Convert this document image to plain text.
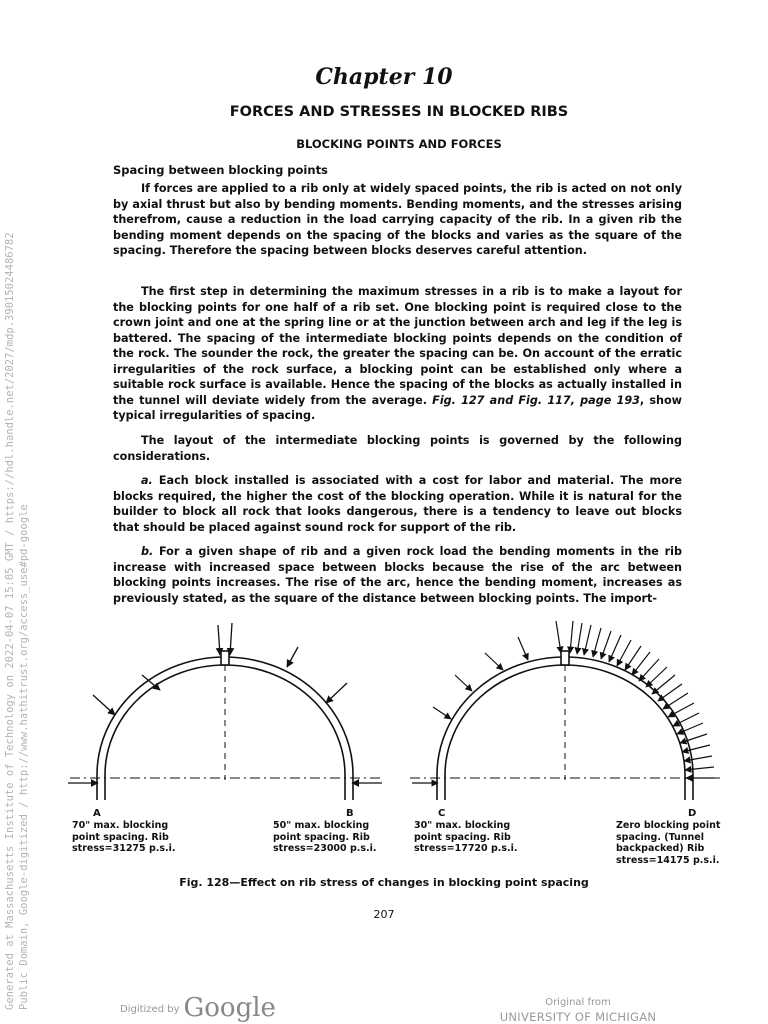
Generated at Massachusetts Institute of Technology on 2022-04-07 15:05 GMT / https://hdl.handle.net/2027/mdp.39015024486782 Public Domain, Google-digitized / http://www.hathitrust.org/access_use#pd-google
Chapter 10
FORCES AND STRESSES IN BLOCKED RIBS
BLOCKING POINTS AND FORCES
Spacing between blocking points

If forces are applied to a rib only at widely spaced points, the rib is acted on not only by axial thrust but also by bending moments. Bending moments, and the stresses arising therefrom, cause a reduction in the load carrying capacity of the rib. In a given rib the bending moment depends on the spacing of the blocks and varies as the square of the spacing. Therefore the spacing between blocks deserves careful attention.

The first step in determining the maximum stresses in a rib is to make a layout for the blocking points for one half of a rib set. One blocking point is required close to the crown joint and one at the spring line or at the junction between arch and leg if the leg is battered. The spacing of the intermediate blocking points depends on the condition of the rock. The sounder the rock, the greater the spacing can be. On account of the erratic irregularities of the rock surface, a blocking point can be established only where a suitable rock surface is available. Hence the spacing of the blocks as actually installed in the tunnel will deviate widely from the average. Fig. 127 and Fig. 117, page 193, show typical irregularities of spacing.

The layout of the intermediate blocking points is governed by the following considerations.

a. Each block installed is associated with a cost for labor and material. The more blocks required, the higher the cost of the blocking operation. While it is natural for the builder to block all rock that looks dangerous, there is a tendency to leave out blocks that should be placed against sound rock for support of the rib.

b. For a given shape of rib and a given rock load the bending moments in the rib increase with increased space between blocks because the rise of the arc between blocking points increases. The rise of the arc, hence the bending moment, increases as previously stated, as the square of the distance between blocking points. The import-

A	B	C	D
70" max. blocking
point spacing. Rib
stress=31275 p.s.i.
50" max. blocking
point spacing. Rib
stress=23000 p.s.i.
30" max. blocking
point spacing. Rib
stress=17720 p.s.i.
Zero blocking point
spacing. (Tunnel
backpacked) Rib
stress=14175 p.s.i.
Fig. 128—Effect on rib stress of changes in blocking point spacing
207
Digitized by Google	Original from
UNIVERSITY OF MICHIGAN
